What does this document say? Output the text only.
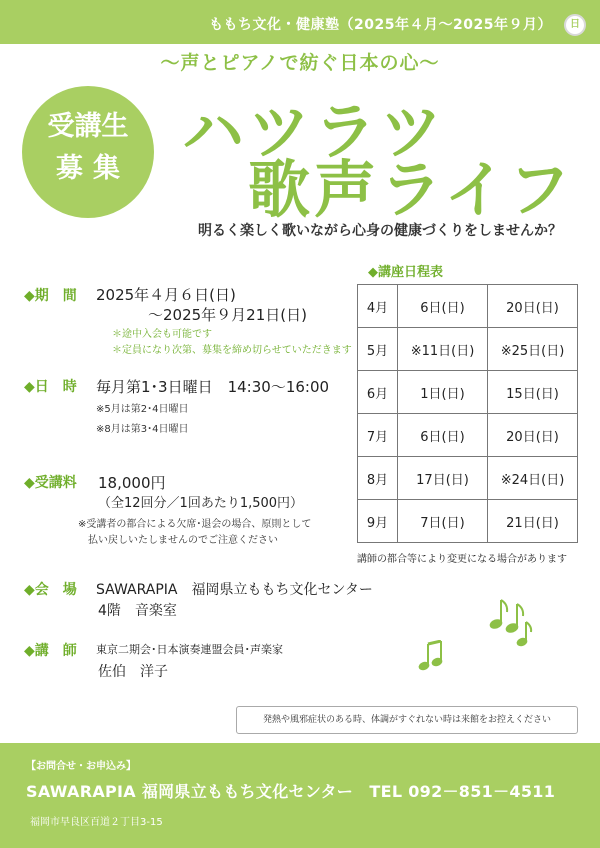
ももち文化・健康塾（2025年４月～2025年９月）	日
～声とピアノで紡ぐ日本の心～
受講生
募集
ハツラツ
歌声ライフ
明るく楽しく歌いながら心身の健康づくりをしませんか？
◆期　間 2025年４月６日(日)
～2025年９月21日(日)
＊途中入会も可能です
＊定員になり次第、募集を締め切らせていただきます
◆日　時 毎月第1･3日曜日　14:30～16:00
※5月は第2･4日曜日
※8月は第3･4日曜日
◆受講料 18,000円
（全12回分／1回あたり1,500円）
※受講者の都合による欠席･退会の場合、原則として
払い戻しいたしませんのでご注意ください
◆会　場 SAWARAPIA　福岡県立ももち文化センター
4階　音楽室
◆講　師 東京二期会･日本演奏連盟会員･声楽家
佐伯　洋子
◆講座日程表
4月	6日(日)	20日(日)
5月	※11日(日)	※25日(日)
6月	1日(日)	15日(日)
7月	6日(日)	20日(日)
8月	17日(日)	※24日(日)
9月	7日(日)	21日(日)
講師の都合等により変更になる場合があります
発熱や風邪症状のある時、体調がすぐれない時は来館をお控えください
【お問合せ・お申込み】
SAWARAPIA 福岡県立ももち文化センター　TEL 092－851－4511
福岡市早良区百道２丁目3-15
